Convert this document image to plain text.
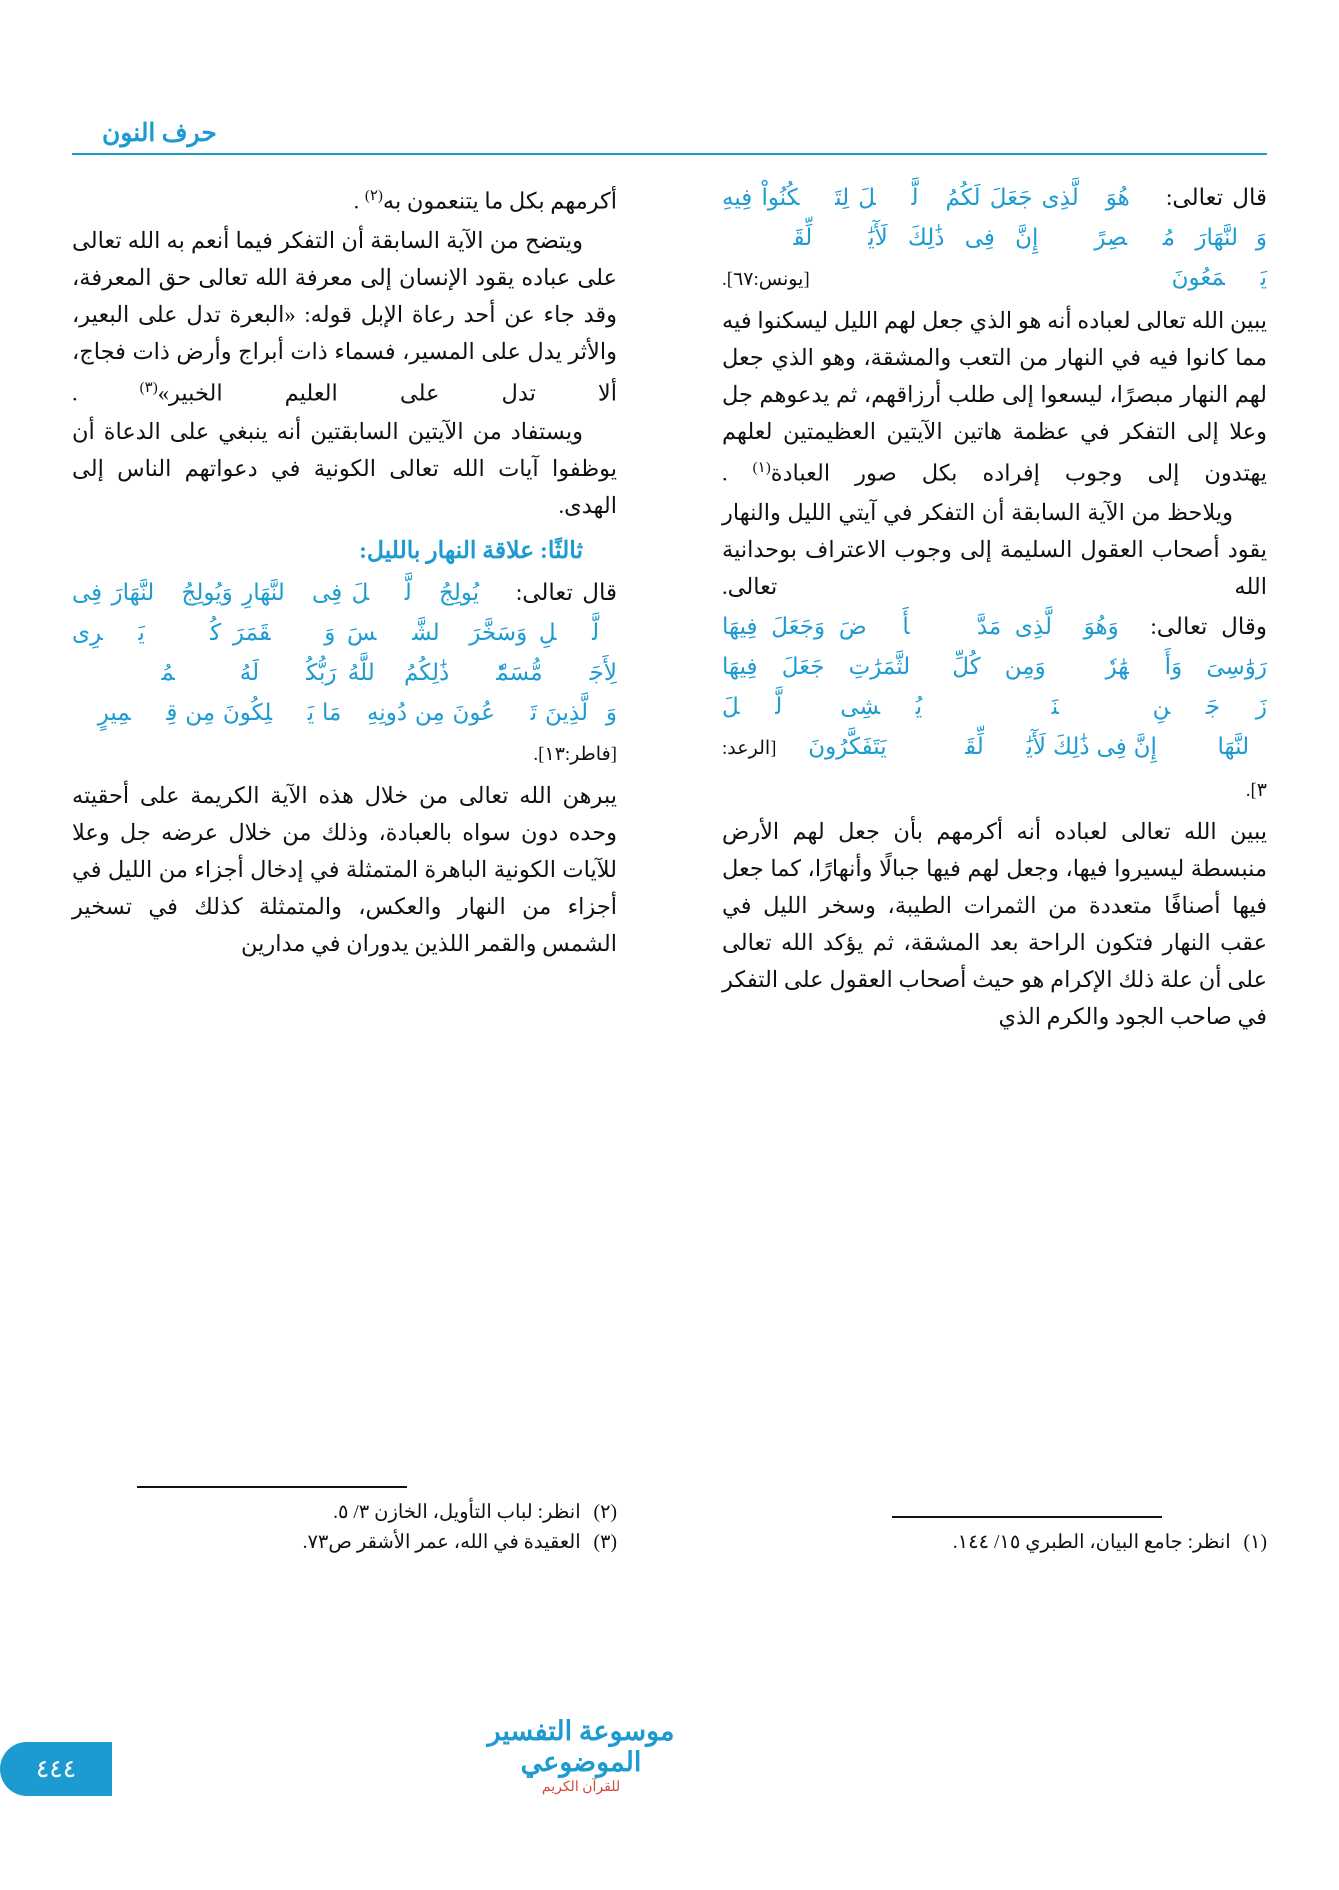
حرف النون

قال تعالى: ﴿ هُوَ ٱلَّذِى جَعَلَ لَكُمُ ٱلَّيۡلَ لِتَسۡكُنُواْ فِيهِ وَٱلنَّهَارَ مُبۡصِرًاۚ إِنَّ فِى ذَٰلِكَ لَأٓيَٰتٖ لِّقَوۡمٖ يَسۡمَعُونَ ﴾ [يونس:٦٧].

يبين الله تعالى لعباده أنه هو الذي جعل لهم الليل ليسكنوا فيه مما كانوا فيه في النهار من التعب والمشقة، وهو الذي جعل لهم النهار مبصرًا، ليسعوا إلى طلب أرزاقهم، ثم يدعوهم جل وعلا إلى التفكر في عظمة هاتين الآيتين العظيمتين لعلهم يهتدون إلى وجوب إفراده بكل صور العبادة$^{(١)}$ .

ويلاحظ من الآية السابقة أن التفكر في آيتي الليل والنهار يقود أصحاب العقول السليمة إلى وجوب الاعتراف بوحدانية الله تعالى.

وقال تعالى: ﴿وَهُوَ ٱلَّذِى مَدَّ ٱلۡأَرۡضَ وَجَعَلَ فِيهَا رَوَٰسِىَ وَأَنۡهَٰرٗاۖ وَمِن كُلِّ ٱلثَّمَرَٰتِ جَعَلَ فِيهَا زَوۡجَيۡنِ ٱثۡنَيۡنِۖ يُغۡشِى ٱلَّيۡلَ ٱلنَّهَارَۚ إِنَّ فِى ذَٰلِكَ لَأٓيَٰتٖ لِّقَوۡمٖ يَتَفَكَّرُونَ ﴾ [الرعد: ٣].

يبين الله تعالى لعباده أنه أكرمهم بأن جعل لهم الأرض منبسطة ليسيروا فيها، وجعل لهم فيها جبالًا وأنهارًا، كما جعل فيها أصنافًا متعددة من الثمرات الطيبة، وسخر الليل في عقب النهار فتكون الراحة بعد المشقة، ثم يؤكد الله تعالى على أن علة ذلك الإكرام هو حيث أصحاب العقول على التفكر في صاحب الجود والكرم الذي

(١) انظر: جامع البيان، الطبري ١٥/ ١٤٤.

أكرمهم بكل ما يتنعمون به$^{(٢)}$ .

ويتضح من الآية السابقة أن التفكر فيما أنعم به الله تعالى على عباده يقود الإنسان إلى معرفة الله تعالى حق المعرفة، وقد جاء عن أحد رعاة الإبل قوله: «البعرة تدل على البعير، والأثر يدل على المسير، فسماء ذات أبراج وأرض ذات فجاج، ألا تدل على العليم الخبير»$^{(٣)}$ .

ويستفاد من الآيتين السابقتين أنه ينبغي على الدعاة أن يوظفوا آيات الله تعالى الكونية في دعواتهم الناس إلى الهدى.

ثالثًا: علاقة النهار بالليل:

قال تعالى: ﴿ يُولِجُ ٱلَّيۡلَ فِى ٱلنَّهَارِ وَيُولِجُ ٱلنَّهَارَ فِى ٱلَّيۡلِ وَسَخَّرَ ٱلشَّمۡسَ وَٱلۡقَمَرَ كُلّٞ يَجۡرِى لِأَجَلٖ مُّسَمّٗىۚ ذَٰلِكُمُ ٱللَّهُ رَبُّكُمۡ لَهُ ٱلۡمُلۡكُۚ وَٱلَّذِينَ تَدۡعُونَ مِن دُونِهِۦ مَا يَمۡلِكُونَ مِن قِطۡمِيرٍ ﴾ [فاطر:١٣].

يبرهن الله تعالى من خلال هذه الآية الكريمة على أحقيته وحده دون سواه بالعبادة، وذلك من خلال عرضه جل وعلا للآيات الكونية الباهرة المتمثلة في إدخال أجزاء من الليل في أجزاء من النهار والعكس، والمتمثلة كذلك في تسخير الشمس والقمر اللذين يدوران في مدارين

(٢) انظر: لباب التأويل، الخازن ٣/ ٥.
(٣) العقيدة في الله، عمر الأشقر ص٧٣.
موسوعة التفسير الموضوعي
للقرآن الكريم
٤٤٤
